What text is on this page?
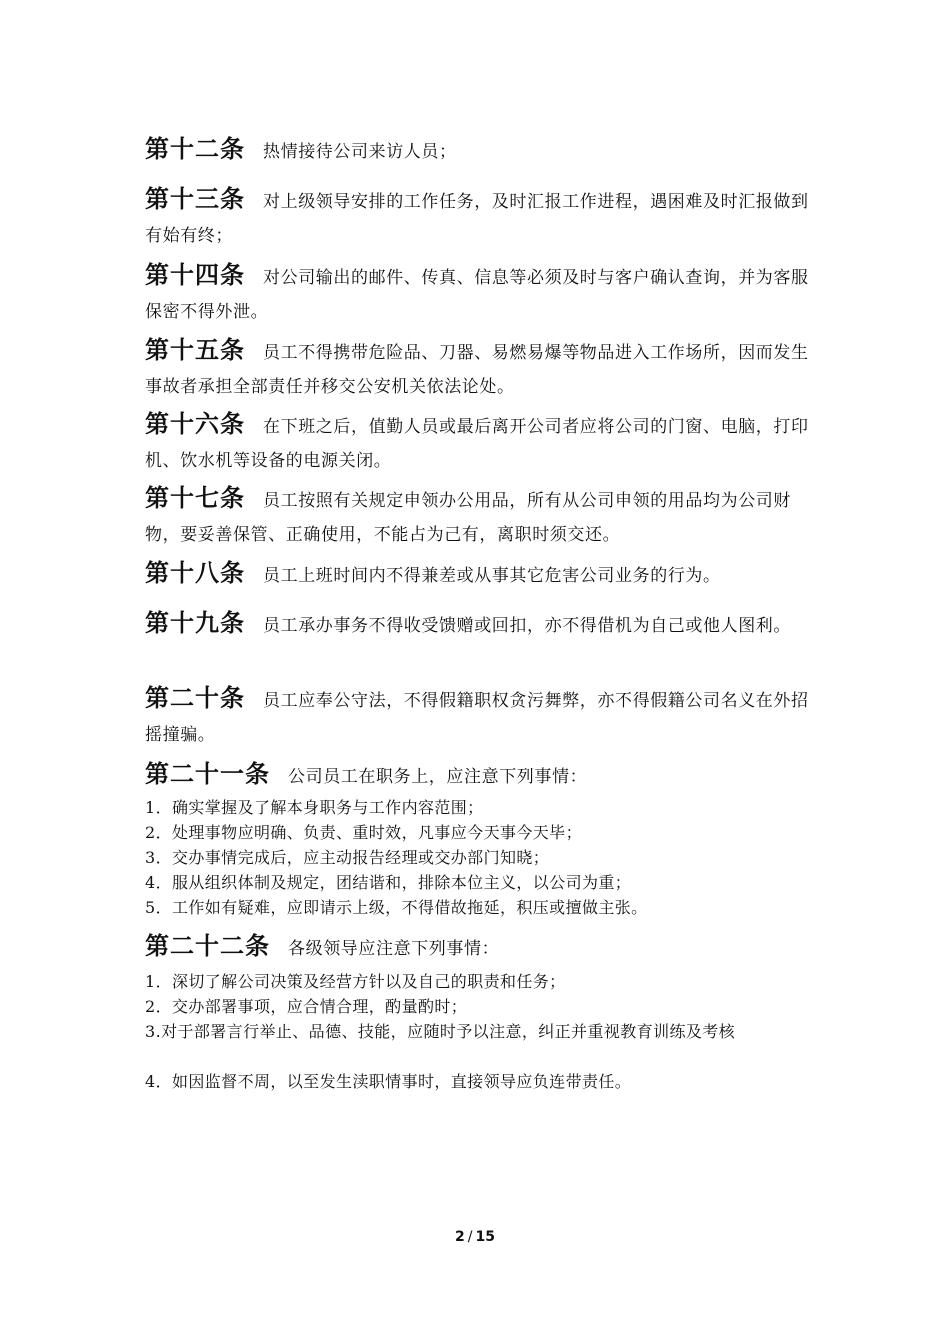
第十二条 热情接待公司来访人员；
第十三条 对上级领导安排的工作任务，及时汇报工作进程，遇困难及时汇报做到有始有终；
第十四条 对公司输出的邮件、传真、信息等必须及时与客户确认查询，并为客服保密不得外泄。
第十五条 员工不得携带危险品、刀器、易燃易爆等物品进入工作场所，因而发生事故者承担全部责任并移交公安机关依法论处。
第十六条 在下班之后，值勤人员或最后离开公司者应将公司的门窗、电脑，打印机、饮水机等设备的电源关闭。
第十七条 员工按照有关规定申领办公用品，所有从公司申领的用品均为公司财物，要妥善保管、正确使用，不能占为己有，离职时须交还。
第十八条 员工上班时间内不得兼差或从事其它危害公司业务的行为。
第十九条 员工承办事务不得收受馈赠或回扣，亦不得借机为自己或他人图利。
第二十条 员工应奉公守法，不得假籍职权贪污舞弊，亦不得假籍公司名义在外招摇撞骗。
第二十一条 公司员工在职务上，应注意下列事情：
1．确实掌握及了解本身职务与工作内容范围；
2．处理事物应明确、负责、重时效，凡事应今天事今天毕；
3．交办事情完成后，应主动报告经理或交办部门知晓；
4．服从组织体制及规定，团结谐和，排除本位主义，以公司为重；
5．工作如有疑难，应即请示上级，不得借故拖延，积压或擅做主张。
第二十二条 各级领导应注意下列事情：
1．深切了解公司决策及经营方针以及自己的职责和任务；
2．交办部署事项，应合情合理，酌量酌时；
3.对于部署言行举止、品德、技能，应随时予以注意，纠正并重视教育训练及考核
4．如因监督不周，以至发生渎职情事时，直接领导应负连带责任。
2 / 15
